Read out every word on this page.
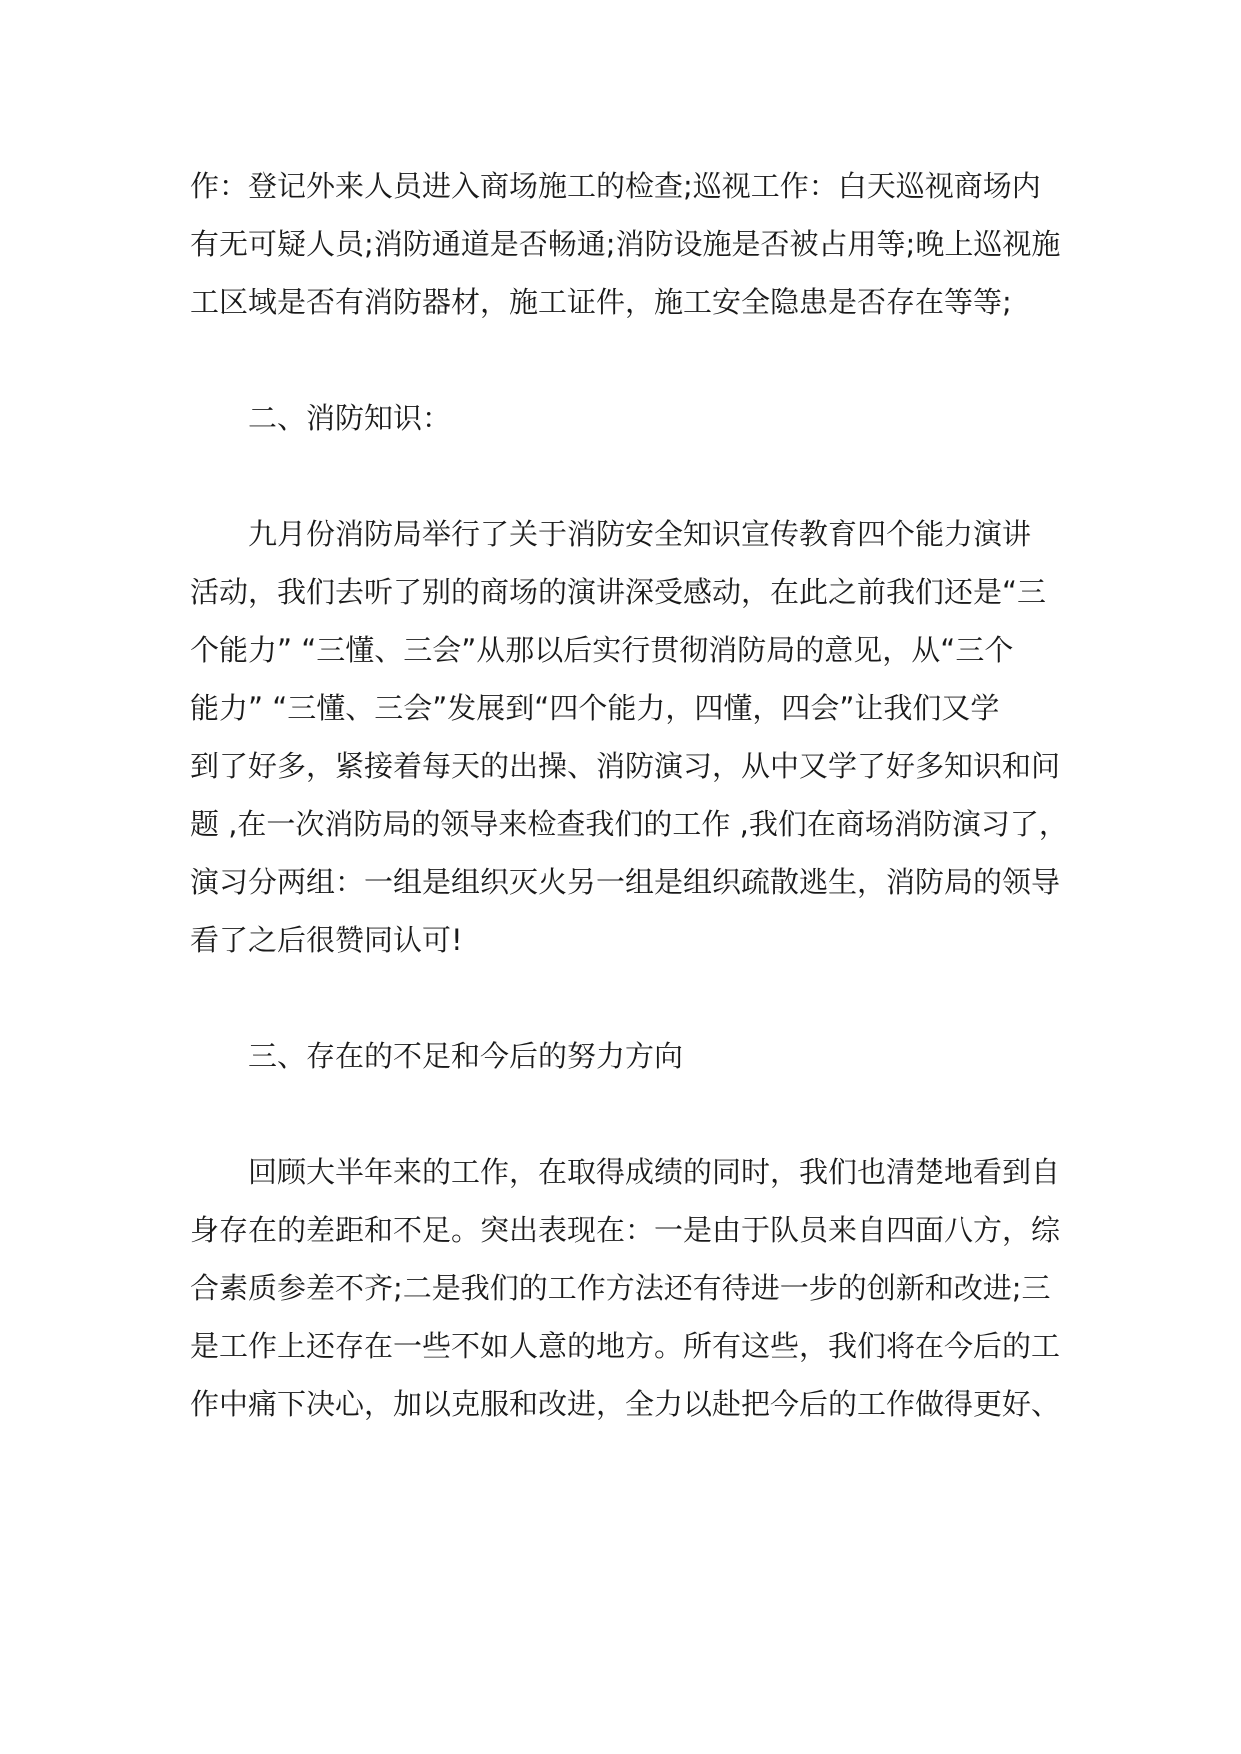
作：登记外来人员进入商场施工的检查;巡视工作：白天巡视商场内
有无可疑人员;消防通道是否畅通;消防设施是否被占用等;晚上巡视施
工区域是否有消防器材，施工证件，施工安全隐患是否存在等等;
二、消防知识：
九月份消防局举行了关于消防安全知识宣传教育四个能力演讲
活动，我们去听了别的商场的演讲深受感动，在此之前我们还是“三
个能力” “三懂、三会”从那以后实行贯彻消防局的意见，从“三个
能力” “三懂、三会”发展到“四个能力，四懂，四会”让我们又学
到了好多，紧接着每天的出操、消防演习，从中又学了好多知识和问
题 ,在一次消防局的领导来检查我们的工作 ,我们在商场消防演习了，
演习分两组：一组是组织灭火另一组是组织疏散逃生，消防局的领导
看了之后很赞同认可!
三、存在的不足和今后的努力方向
回顾大半年来的工作，在取得成绩的同时，我们也清楚地看到自
身存在的差距和不足。突出表现在：一是由于队员来自四面八方，综
合素质参差不齐;二是我们的工作方法还有待进一步的创新和改进;三
是工作上还存在一些不如人意的地方。所有这些，我们将在今后的工
作中痛下决心，加以克服和改进，全力以赴把今后的工作做得更好、
